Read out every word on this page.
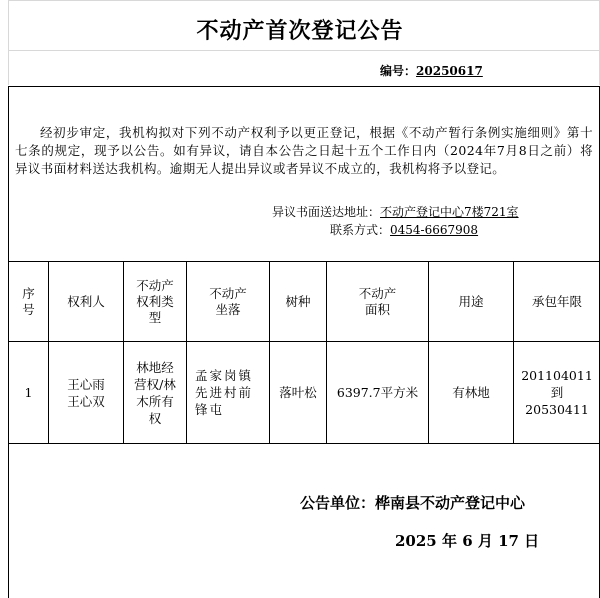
不动产首次登记公告
编号：20250617
经初步审定，我机构拟对下列不动产权利予以更正登记，根据《不动产暂行条例实施细则》第十七条的规定，现予以公告。如有异议，请自本公告之日起十五个工作日内（2024年7月8日之前）将异议书面材料送达我机构。逾期无人提出异议或者异议不成立的，我机构将予以登记。
异议书面送达地址：不动产登记中心7楼721室
联系方式：0454-6667908
序
号
权利人
不动产
权利类
型
不动产
坐落
树种
不动产
面积
用途	承包年限
1
王心雨
王心双
林地经
营权/林
木所有
权
孟家岗镇
先进村前
锋屯
落叶松 6397.7平方米	有林地
201104011
到
20530411
公告单位：桦南县不动产登记中心
2025 年 6 月 17 日
